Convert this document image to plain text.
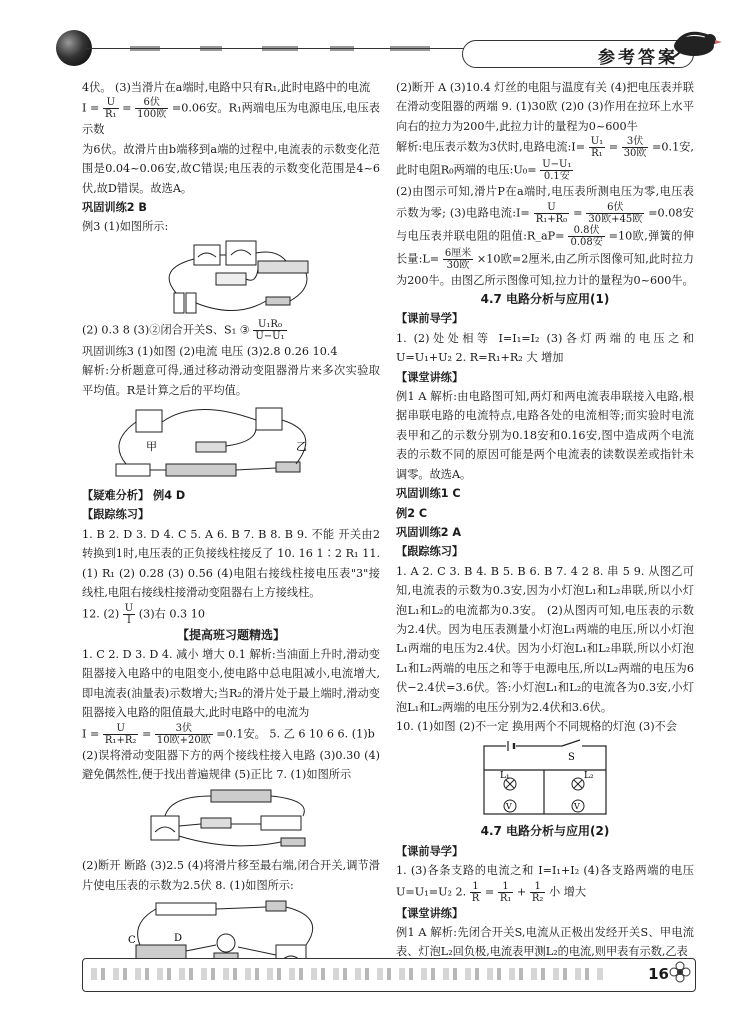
参考答案

4伏。 (3)当滑片在a端时,电路中只有R₁,此时电路中的电流

$I = \frac{U}{\text{R₁}} = \frac{\text{6伏}}{\text{100欧}} =0.06$安。R₁两端电压为电源电压,电压表示数

为6伏。故滑片由b端移到a端的过程中,电流表的示数变化范围是0.04~0.06安,故C错误;电压表的示数变化范围是4~6伏,故D错误。故选A。

巩固训练2 B

例3 (1)如图所示:

(2) 0.3 8 (3)②闭合开关S、S₁ ③ $\frac{\text{U₁R₀}}{\text{U−U₁}}$

巩固训练3 (1)如图 (2)电流 电压 (3)2.8 0.26 10.4

解析:分析题意可得,通过移动滑动变阻器滑片来多次实验取平均值。R是计算之后的平均值。

甲	乙

【疑难分析】 例4 D

【跟踪练习】

1. B 2. D 3. D 4. C 5. A 6. B 7. B 8. B 9. 不能 开关由2转换到1时,电压表的正负接线柱接反了 10. 16 1∶2 R₁ 11. (1) R₁ (2) 0.28 (3) 0.56 (4)电阻右接线柱接电压表"3"接线柱,电阻右接线柱接滑动变阻器右上方接线柱。

12. $(2) \frac{U}{I} (3)$右 0.3 10

【提高班习题精选】

1. C 2. D 3. D 4. 减小 增大 0.1 解析:当油面上升时,滑动变阻器接入电路中的电阻变小,使电路中总电阻减小,电流增大,即电流表(油量表)示数增大;当R₂的滑片处于最上端时,滑动变阻器接入电路的阻值最大,此时电路中的电流为

$I = \frac{U}{\text{R₁+R₂}} = \frac{\text{3伏}}{\text{10欧+20欧}} =0.1$安。 5. 乙 6 10 6 6. (1)b

(2)误将滑动变阻器下方的两个接线柱接入电路 (3)0.30 (4)避免偶然性,便于找出普遍规律 (5)正比 7. (1)如图所示

(2)断开 断路 (3)2.5 (4)将滑片移至最右端,闭合开关,调节滑片使电压表的示数为2.5伏 8. (1)如图所示:

C	D

(2)断开 A (3)10.4 灯丝的电阻与温度有关 (4)把电压表并联在滑动变阻器的两端 9. (1)30欧 (2)0 (3)作用在拉环上水平向右的拉力为200牛,此拉力计的量程为0~600牛

解析:电压表示数为3伏时,电路电流:I= $\frac{\text{U₁}}{\text{R₁}} = \frac{\text{3伏}}{\text{30欧}} =0.1$安,此时电阻R₀两端的电压:U₀= $\frac{\text{U−U₁}}{\text{0.1安}}$

(2)由图示可知,滑片P在a端时,电压表所测电压为零,电压表示数为零; (3)电路电流:I= $\frac{U}{\text{R₁+R₀}} = \frac{\text{6伏}}{\text{30欧+45欧}} =0.08$安与电压表并联电阻的阻值:R_aP= $\frac{\text{0.8伏}}{\text{0.08安}} =10$欧,弹簧的伸长量:L= $\frac{\text{6厘米}}{\text{30欧}} \times 10$欧=2厘米,由乙所示图像可知,此时拉力为200牛。由图乙所示图像可知,拉力计的量程为0~600牛。

4.7 电路分析与应用(1)

【课前导学】

1. (2)处处相等 I=I₁=I₂ (3)各灯两端的电压之和 U=U₁+U₂ 2. R=R₁+R₂ 大 增加

【课堂讲练】

例1 A 解析:由电路图可知,两灯和两电流表串联接入电路,根据串联电路的电流特点,电路各处的电流相等;而实验时电流表甲和乙的示数分别为0.18安和0.16安,图中造成两个电流表的示数不同的原因可能是两个电流表的读数误差或指针未调零。故选A。

巩固训练1 C

例2 C

巩固训练2 A

【跟踪练习】

1. A 2. C 3. B 4. B 5. B 6. B 7. 4 2 8. 串 5 9. 从图乙可知,电流表的示数为0.3安,因为小灯泡L₁和L₂串联,所以小灯泡L₁和L₂的电流都为0.3安。 (2)从图丙可知,电压表的示数为2.4伏。因为电压表测量小灯泡L₁两端的电压,所以小灯泡L₁两端的电压为2.4伏。因为小灯泡L₁和L₂串联,所以小灯泡L₁和L₂两端的电压之和等于电源电压,所以L₂两端的电压为6伏−2.4伏=3.6伏。答:小灯泡L₁和L₂的电流各为0.3安,小灯泡L₁和L₂两端的电压分别为2.4伏和3.6伏。

10. (1)如图 (2)不一定 换用两个不同规格的灯泡 (3)不会

S
L₁	L₂
V	V

4.7 电路分析与应用(2)

【课前导学】

1. (3)各条支路的电流之和 I=I₁+I₂ (4)各支路两端的电压 U=U₁=U₂ 2. $\frac{1}{R} = \frac{1}{\text{R₁}} + \frac{1}{\text{R₂}}$ 小 增大

【课堂讲练】

例1 A 解析:先闭合开关S,电流从正极出发经开关S、甲电流表、灯泡L₂回负极,电流表甲测L₂的电流,则甲表有示数,乙表

16
